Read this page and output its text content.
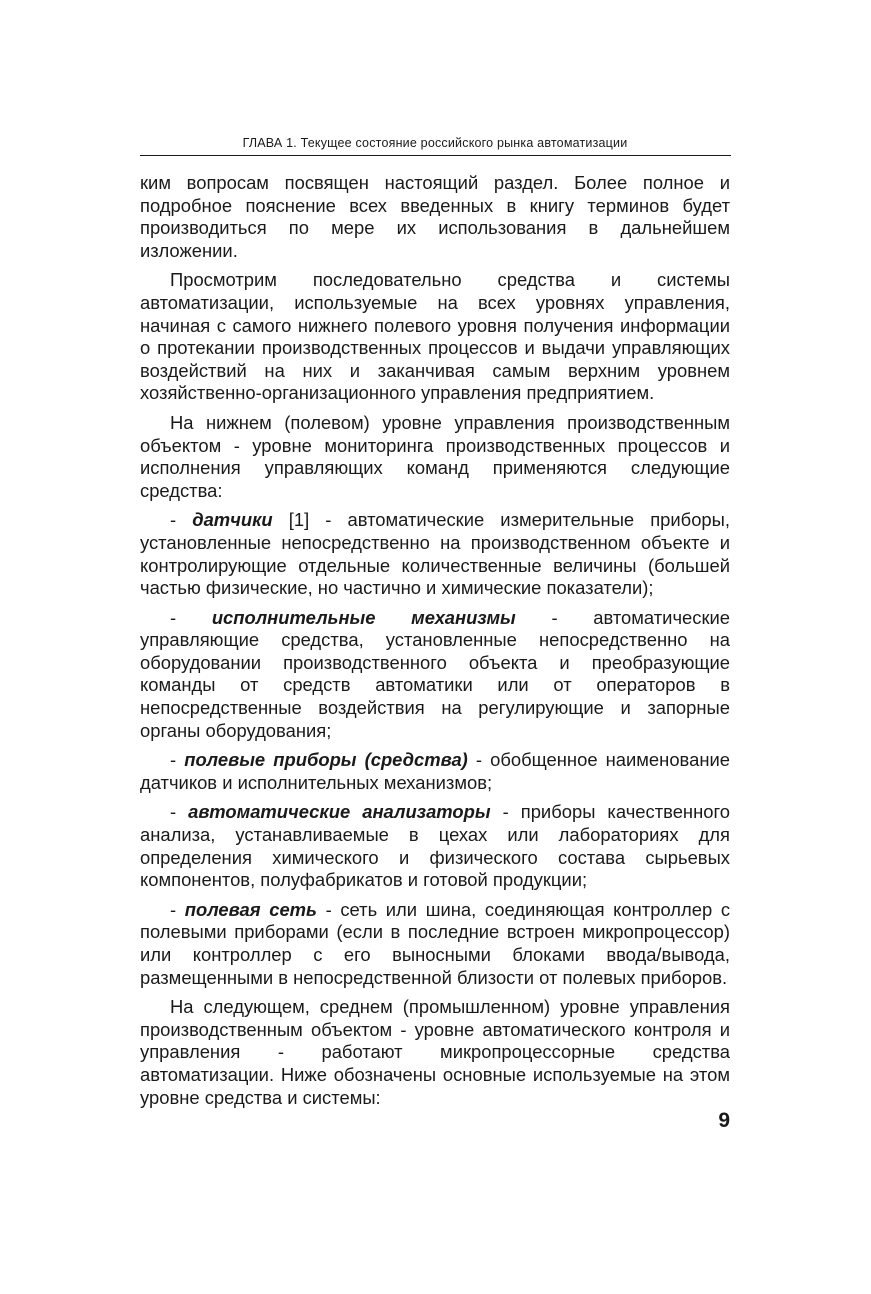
ГЛАВА 1. Текущее состояние российского рынка автоматизации

ким вопросам посвящен настоящий раздел. Более полное и подробное пояснение всех введенных в книгу терминов будет производиться по мере их использования в дальнейшем изложении.

Просмотрим последовательно средства и системы автоматизации, используемые на всех уровнях управления, начиная с самого нижнего полевого уровня получения информации о протекании производственных процессов и выдачи управляющих воздействий на них и заканчивая самым верхним уровнем хозяйственно-организационного управления предприятием.

На нижнем (полевом) уровне управления производственным объектом - уровне мониторинга производственных процессов и исполнения управляющих команд применяются следующие средства:

- датчики [1] - автоматические измерительные приборы, установленные непосредственно на производственном объекте и контролирующие отдельные количественные величины (большей частью физические, но частично и химические показатели);

- исполнительные механизмы - автоматические управляющие средства, установленные непосредственно на оборудовании производственного объекта и преобразующие команды от средств автоматики или от операторов в непосредственные воздействия на регулирующие и запорные органы оборудования;

- полевые приборы (средства) - обобщенное наименование датчиков и исполнительных механизмов;

- автоматические анализаторы - приборы качественного анализа, устанавливаемые в цехах или лабораториях для определения химического и физического состава сырьевых компонентов, полуфабрикатов и готовой продукции;

- полевая сеть - сеть или шина, соединяющая контроллер с полевыми приборами (если в последние встроен микропроцессор) или контроллер с его выносными блоками ввода/вывода, размещенными в непосредственной близости от полевых приборов.

На следующем, среднем (промышленном) уровне управления производственным объектом - уровне автоматического контроля и управления - работают микропроцессорные средства автоматизации. Ниже обозначены основные используемые на этом уровне средства и системы:

9
